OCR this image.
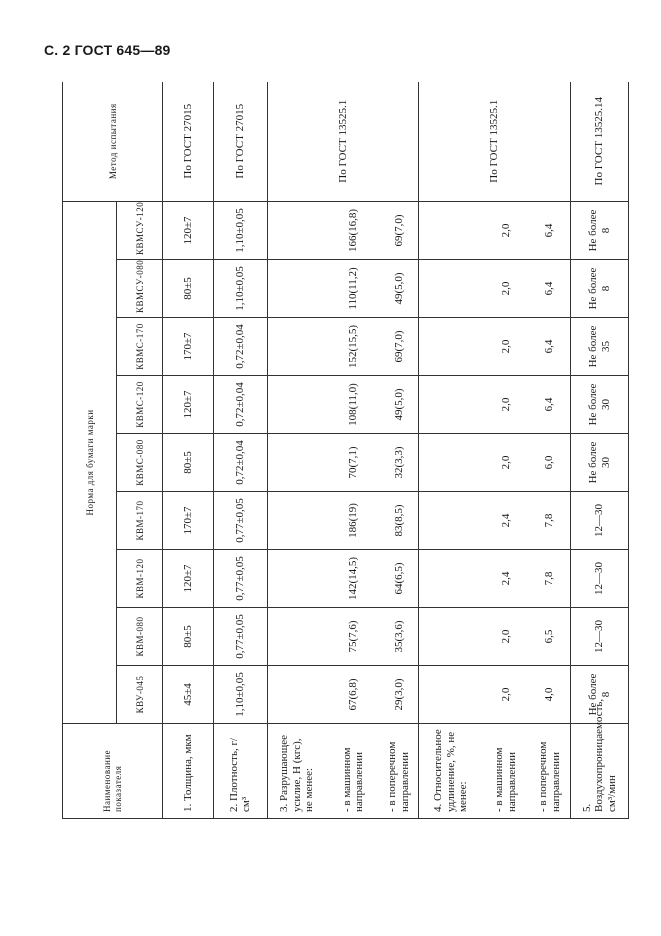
С. 2 ГОСТ 645—89
Наименование показателя	Норма для бумаги марки									Метод испытания
	КВУ-045	КВМ-080	КВМ-120	КВМ-170	КВМС-080	КВМС-120	КВМС-170	КВМСУ-080	КВМСУ-120	
1. Толщина, мкм	45±4	80±5	120±7	170±7	80±5	120±7	170±7	80±5	120±7	По ГОСТ 27015
2. Плотность, г/см³	1,10±0,05	0,77±0,05	0,77±0,05	0,77±0,05	0,72±0,04	0,72±0,04	0,72±0,04	1,10±0,05	1,10±0,05	По ГОСТ 27015
3. Разрушающее усилие, Н (кгс), не менее:										По ГОСТ 13525.1
- в машинном направлении	67(6,8)	75(7,6)	142(14,5)	186(19)	70(7,1)	108(11,0)	152(15,5)	110(11,2)	166(16,8)	
- в поперечном направлении	29(3,0)	35(3,6)	64(6,5)	83(8,5)	32(3,3)	49(5,0)	69(7,0)	49(5,0)	69(7,0)	
4. Относительное удлинение, %, не менее:										По ГОСТ 13525.1
- в машинном направлении	2,0	2,0	2,4	2,4	2,0	2,0	2,0	2,0	2,0	
- в поперечном направлении	4,0	6,5	7,8	7,8	6,0	6,4	6,4	6,4	6,4	
5. Воздухопроницаемость, см³/мин	Не более 8	12—30	12—30	12—30	Не более 30	Не более 30	Не более 35	Не более 8	Не более 8	По ГОСТ 13525.14
